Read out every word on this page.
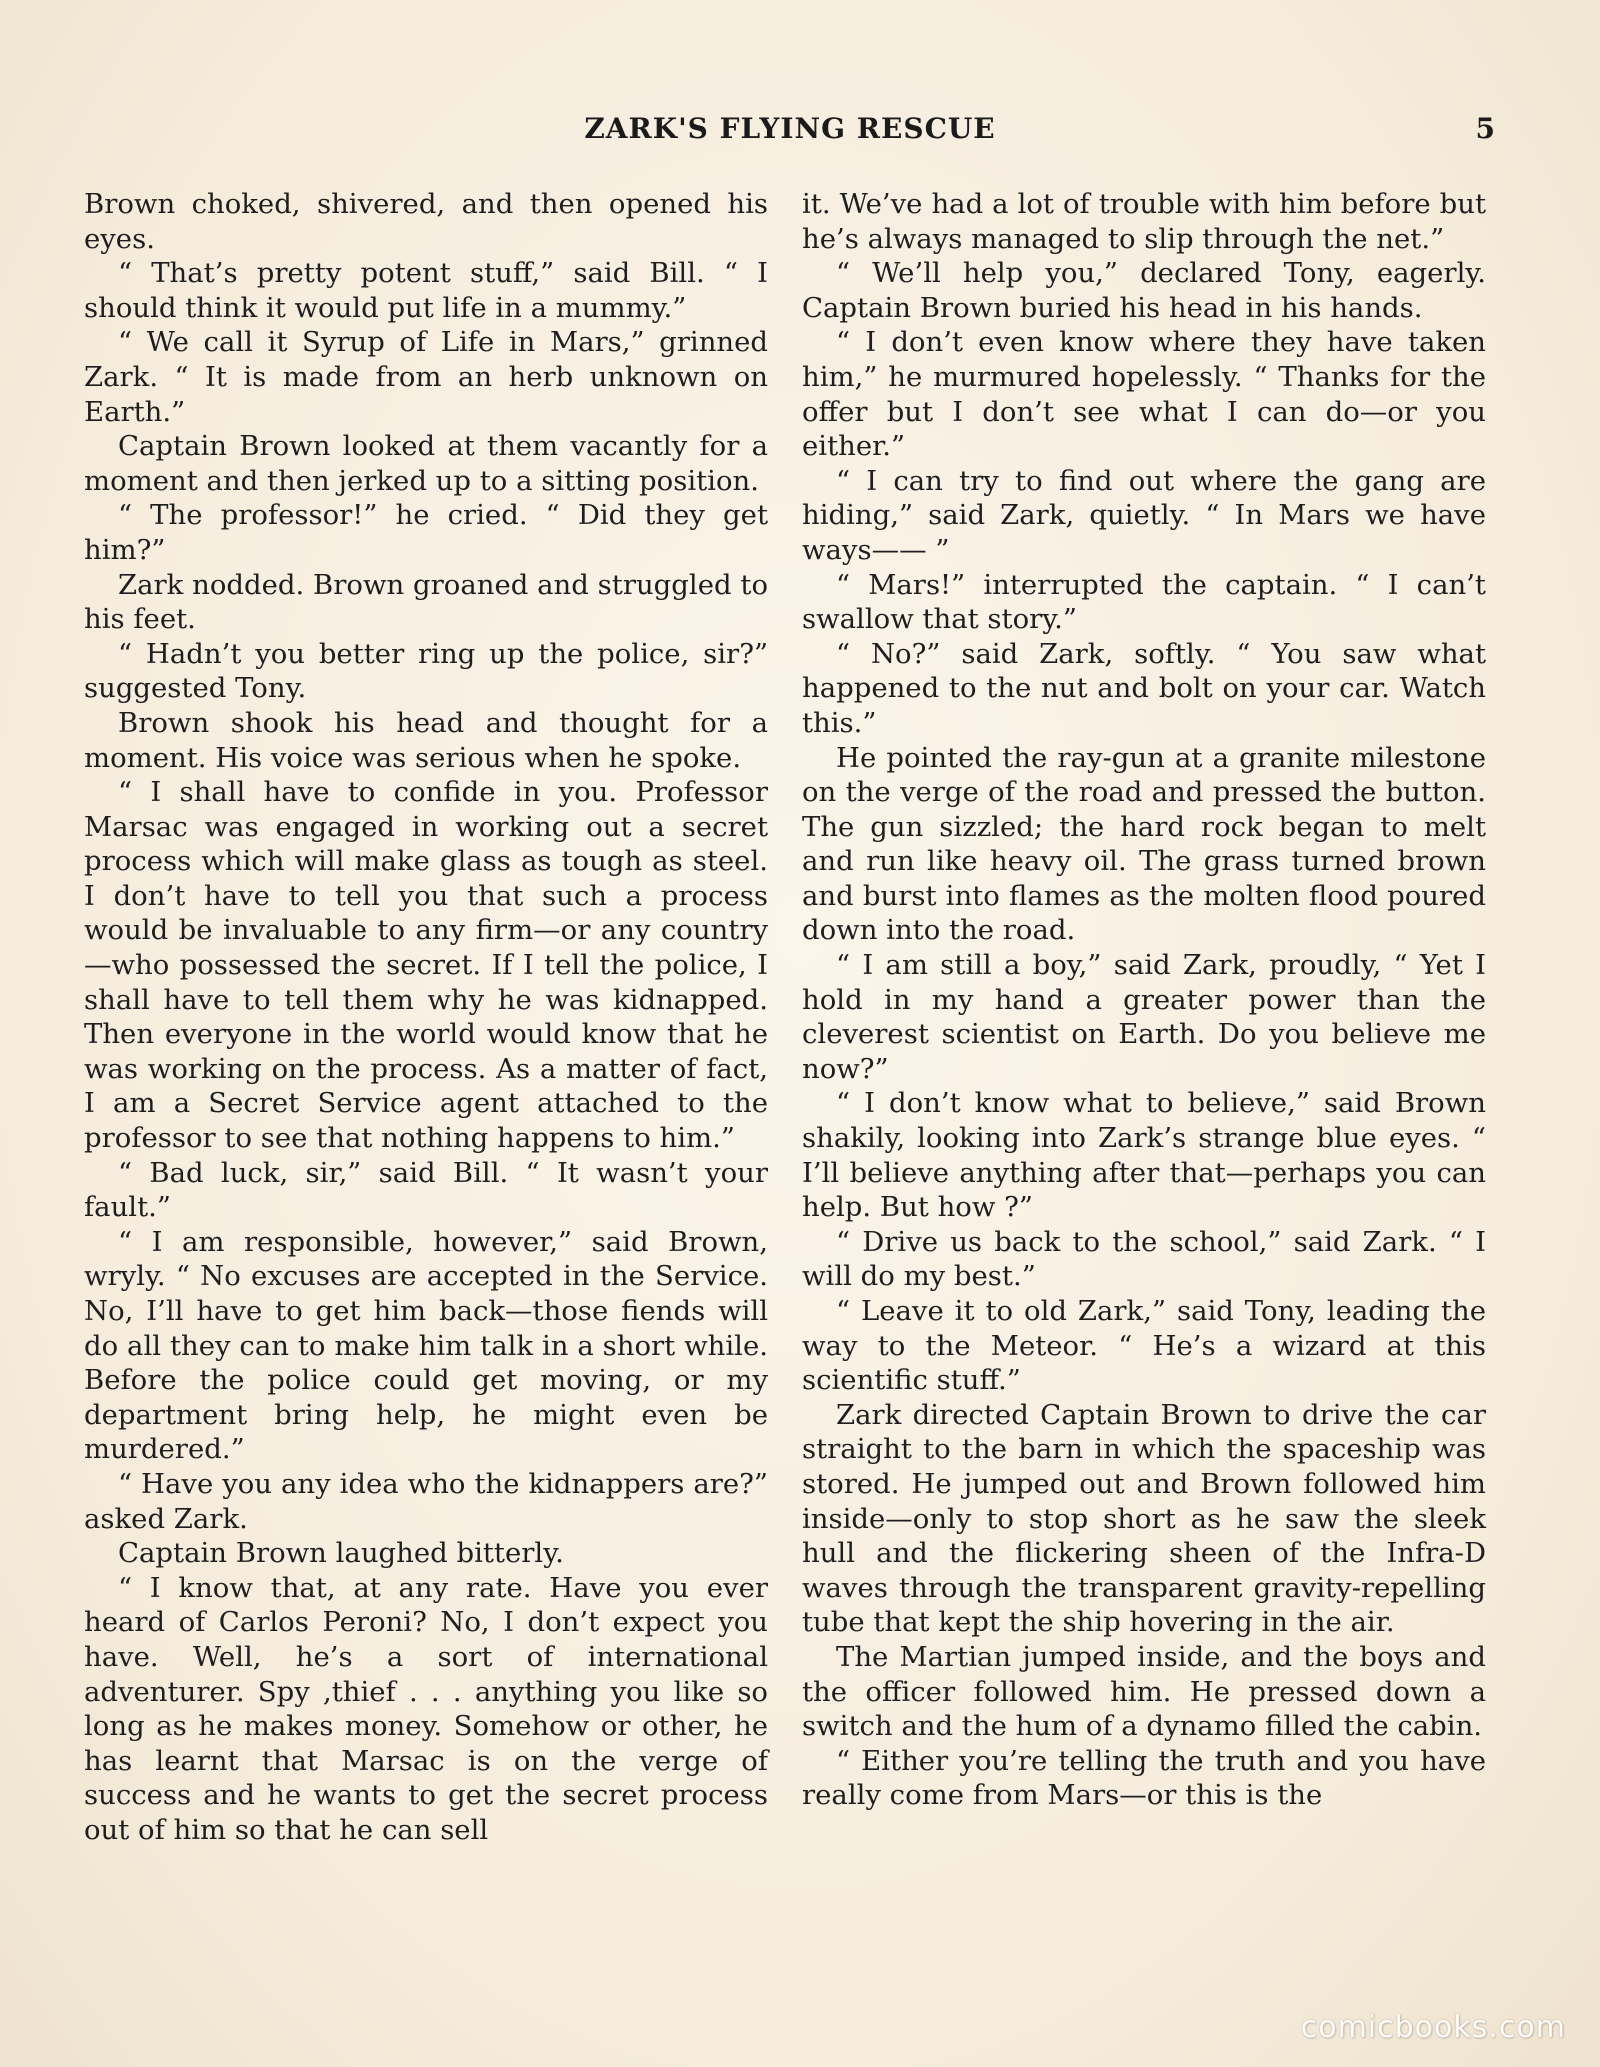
ZARK'S FLYING RESCUE	5

Brown choked, shivered, and then opened his eyes.

“ That’s pretty potent stuff,” said Bill. “ I should think it would put life in a mummy.”

“ We call it Syrup of Life in Mars,” grinned Zark. “ It is made from an herb unknown on Earth.”

Captain Brown looked at them vacantly for a moment and then jerked up to a sitting position.

“ The professor!” he cried. “ Did they get him?”

Zark nodded. Brown groaned and struggled to his feet.

“ Hadn’t you better ring up the police, sir?” suggested Tony.

Brown shook his head and thought for a moment. His voice was serious when he spoke.

“ I shall have to confide in you. Professor Marsac was engaged in working out a secret process which will make glass as tough as steel. I don’t have to tell you that such a process would be invaluable to any firm—or any country—who possessed the secret. If I tell the police, I shall have to tell them why he was kidnapped. Then everyone in the world would know that he was working on the process. As a matter of fact, I am a Secret Service agent attached to the professor to see that nothing happens to him.”

“ Bad luck, sir,” said Bill. “ It wasn’t your fault.”

“ I am responsible, however,” said Brown, wryly. “ No excuses are accepted in the Service. No, I’ll have to get him back—those fiends will do all they can to make him talk in a short while. Before the police could get moving, or my department bring help, he might even be murdered.”

“ Have you any idea who the kidnappers are?” asked Zark.

Captain Brown laughed bitterly.

“ I know that, at any rate. Have you ever heard of Carlos Peroni? No, I don’t expect you have. Well, he’s a sort of international adventurer. Spy ,thief . . . anything you like so long as he makes money. Somehow or other, he has learnt that Marsac is on the verge of success and he wants to get the secret process out of him so that he can sell

it. We’ve had a lot of trouble with him before but he’s always managed to slip through the net.”

“ We’ll help you,” declared Tony, eagerly. Captain Brown buried his head in his hands.

“ I don’t even know where they have taken him,” he murmured hopelessly. “ Thanks for the offer but I don’t see what I can do—or you either.”

“ I can try to find out where the gang are hiding,” said Zark, quietly. “ In Mars we have ways—— ”

“ Mars!” interrupted the captain. “ I can’t swallow that story.”

“ No?” said Zark, softly. “ You saw what happened to the nut and bolt on your car. Watch this.”

He pointed the ray-gun at a granite milestone on the verge of the road and pressed the button. The gun sizzled; the hard rock began to melt and run like heavy oil. The grass turned brown and burst into flames as the molten flood poured down into the road.

“ I am still a boy,” said Zark, proudly, “ Yet I hold in my hand a greater power than the cleverest scientist on Earth. Do you believe me now?”

“ I don’t know what to believe,” said Brown shakily, looking into Zark’s strange blue eyes. “ I’ll believe anything after that—perhaps you can help. But how ?”

“ Drive us back to the school,” said Zark. “ I will do my best.”

“ Leave it to old Zark,” said Tony, leading the way to the Meteor. “ He’s a wizard at this scientific stuff.”

Zark directed Captain Brown to drive the car straight to the barn in which the spaceship was stored. He jumped out and Brown followed him inside—only to stop short as he saw the sleek hull and the flickering sheen of the Infra-D waves through the transparent gravity-repelling tube that kept the ship hovering in the air.

The Martian jumped inside, and the boys and the officer followed him. He pressed down a switch and the hum of a dynamo filled the cabin.

“ Either you’re telling the truth and you have really come from Mars—or this is the

comicbooks.com
